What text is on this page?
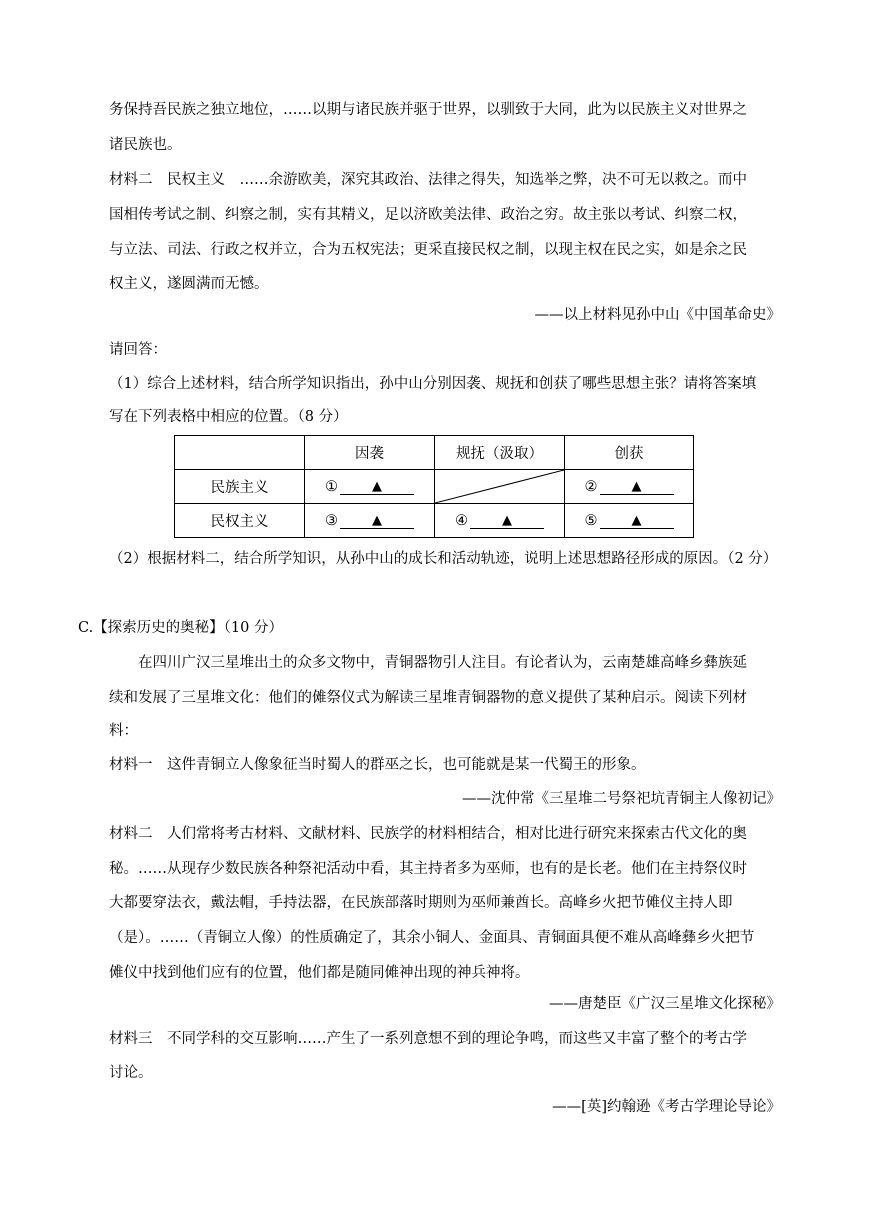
务保持吾民族之独立地位，……以期与诸民族并驱于世界，以驯致于大同，此为以民族主义对世界之
诸民族也。
材料二　民权主义　……余游欧美，深究其政治、法律之得失，知选举之弊，决不可无以救之。而中
国相传考试之制、纠察之制，实有其精义，足以济欧美法律、政治之穷。故主张以考试、纠察二权，
与立法、司法、行政之权并立，合为五权宪法；更采直接民权之制，以现主权在民之实，如是余之民
权主义，遂圆满而无憾。
——以上材料见孙中山《中国革命史》
请回答：
（1）综合上述材料，结合所学知识指出，孙中山分别因袭、规抚和创获了哪些思想主张？请将答案填
写在下列表格中相应的位置。（8 分）
	因袭	规抚（汲取）	创获
民族主义	① ▲		② ▲

民权主义	③ ▲	④ ▲	⑤ ▲
（2）根据材料二，结合所学知识，从孙中山的成长和活动轨迹，说明上述思想路径形成的原因。（2 分）
C.【探索历史的奥秘】（10 分）
在四川广汉三星堆出土的众多文物中，青铜器物引人注目。有论者认为，云南楚雄高峰乡彝族延
续和发展了三星堆文化：他们的傩祭仪式为解读三星堆青铜器物的意义提供了某种启示。阅读下列材
料：
材料一　这件青铜立人像象征当时蜀人的群巫之长，也可能就是某一代蜀王的形象。
——沈仲常《三星堆二号祭祀坑青铜主人像初记》
材料二　人们常将考古材料、文献材料、民族学的材料相结合，相对比进行研究来探索古代文化的奥
秘。……从现存少数民族各种祭祀活动中看，其主持者多为巫师，也有的是长老。他们在主持祭仪时
大都要穿法衣，戴法帽，手持法器，在民族部落时期则为巫师兼酋长。高峰乡火把节傩仪主持人即
（是）。……（青铜立人像）的性质确定了，其余小铜人、金面具、青铜面具便不难从高峰彝乡火把节
傩仪中找到他们应有的位置，他们都是随同傩神出现的神兵神将。
——唐楚臣《广汉三星堆文化探秘》
材料三　不同学科的交互影响……产生了一系列意想不到的理论争鸣，而这些又丰富了整个的考古学
讨论。
——[英]约翰逊《考古学理论导论》
